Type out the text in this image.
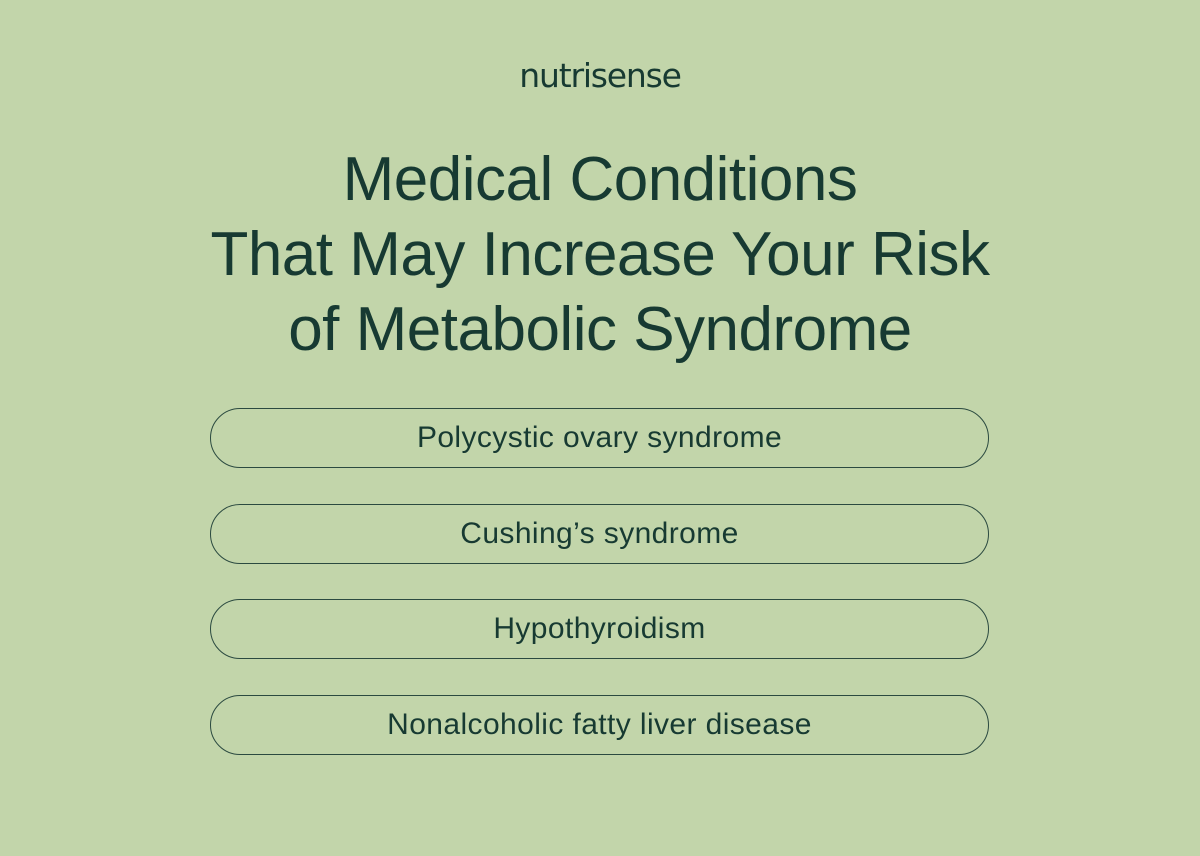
nutrisense
Medical Conditions
That May Increase Your Risk
of Metabolic Syndrome
Polycystic ovary syndrome
Cushing’s syndrome
Hypothyroidism
Nonalcoholic fatty liver disease
